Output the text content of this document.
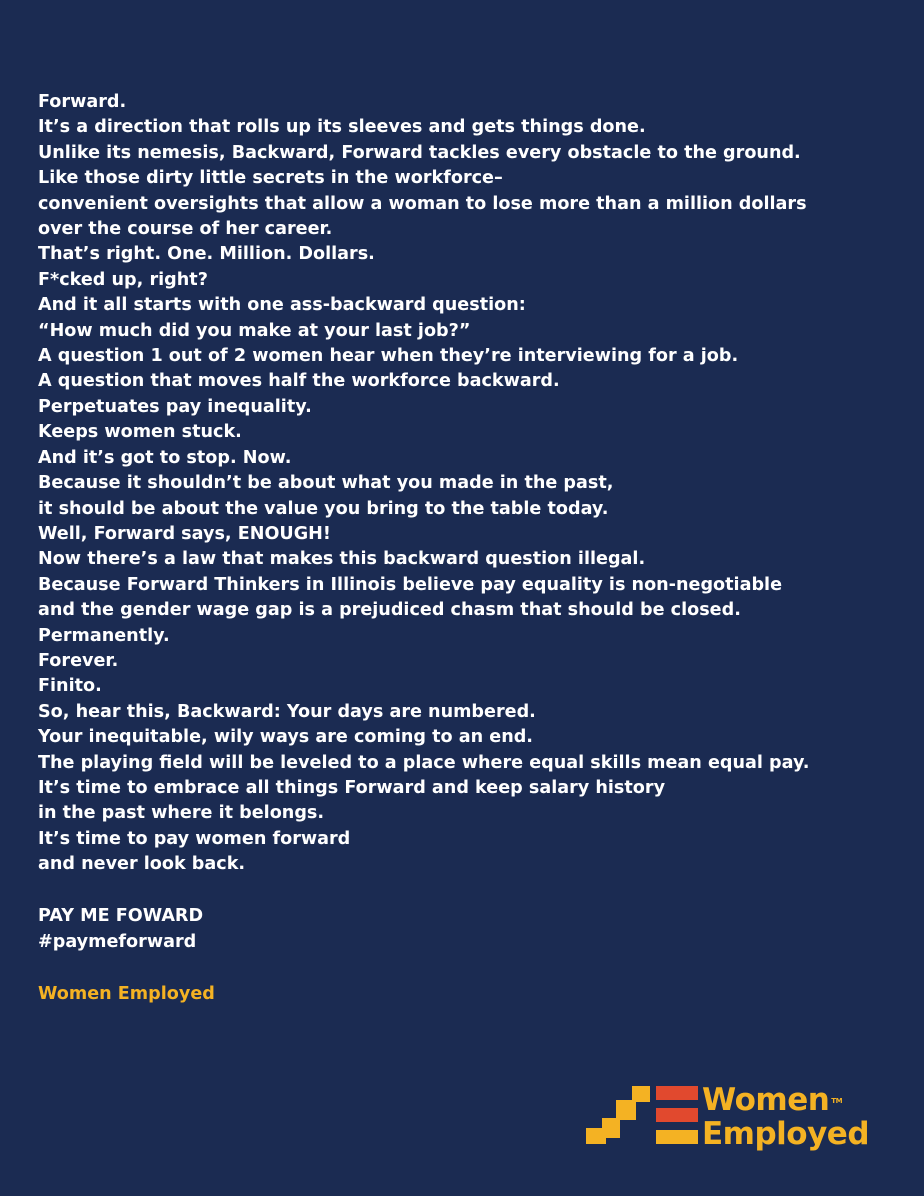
Forward.
It’s a direction that rolls up its sleeves and gets things done.
Unlike its nemesis, Backward, Forward tackles every obstacle to the ground.
Like those dirty little secrets in the workforce–
convenient oversights that allow a woman to lose more than a million dollars
over the course of her career.
That’s right. One. Million. Dollars.
F*cked up, right?
And it all starts with one ass-backward question:
“How much did you make at your last job?”
A question 1 out of 2 women hear when they’re interviewing for a job.
A question that moves half the workforce backward.
Perpetuates pay inequality.
Keeps women stuck.
And it’s got to stop. Now.
Because it shouldn’t be about what you made in the past,
it should be about the value you bring to the table today.
Well, Forward says, ENOUGH!
Now there’s a law that makes this backward question illegal.
Because Forward Thinkers in Illinois believe pay equality is non-negotiable
and the gender wage gap is a prejudiced chasm that should be closed.
Permanently.
Forever.
Finito.
So, hear this, Backward: Your days are numbered.
Your inequitable, wily ways are coming to an end.
The playing field will be leveled to a place where equal skills mean equal pay.
It’s time to embrace all things Forward and keep salary history
in the past where it belongs.
It’s time to pay women forward
and never look back.
PAY ME FOWARD
#paymeforward
Women Employed
Women TM
Employed
